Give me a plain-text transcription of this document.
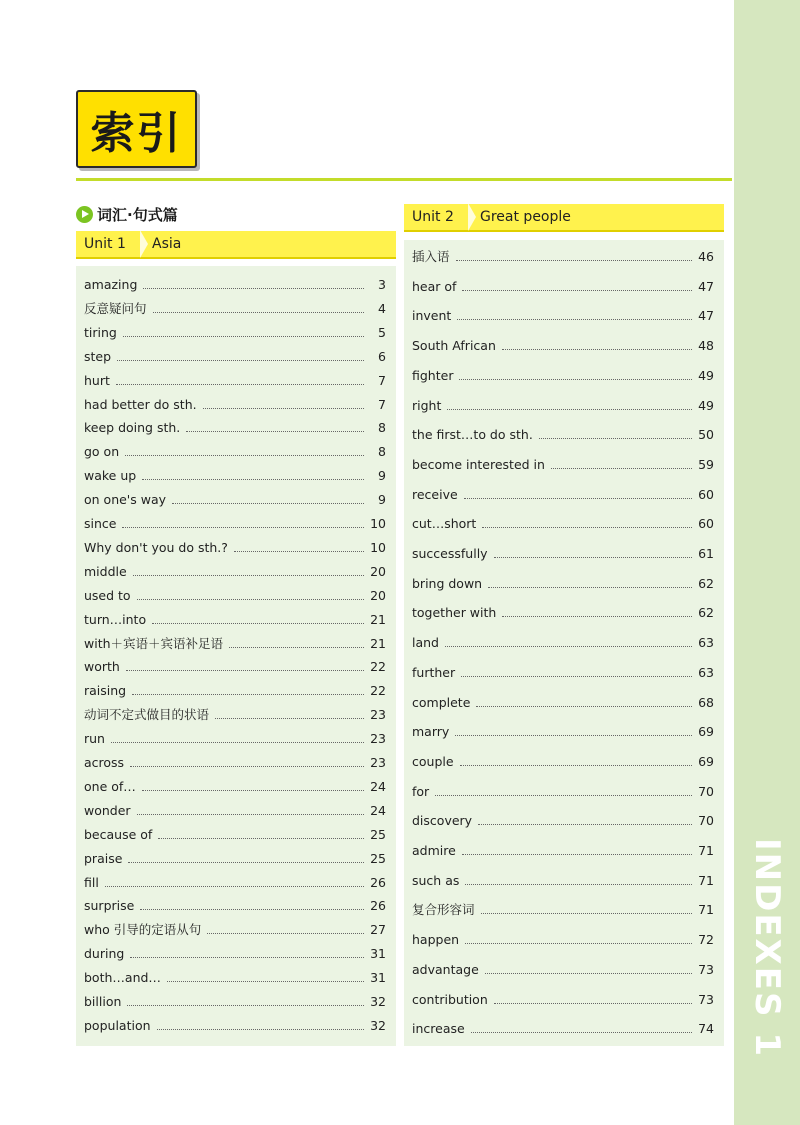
INDEXES 1
索引
词汇·句式篇
Unit 1	Asia
amazing	3
反意疑问句	4
tiring	5
step	6
hurt	7
had better do sth.	7
keep doing sth.	8
go on	8
wake up	9
on one's way	9
since	10
Why don't you do sth.?	10
middle	20
used to	20
turn…into	21
with＋宾语＋宾语补足语	21
worth	22
raising	22
动词不定式做目的状语	23
run	23
across	23
one of…	24
wonder	24
because of	25
praise	25
fill	26
surprise	26
who 引导的定语从句	27
during	31
both…and…	31
billion	32
population	32
Unit 2	Great people
插入语	46
hear of	47
invent	47
South African	48
fighter	49
right	49
the first…to do sth.	50
become interested in	59
receive	60
cut…short	60
successfully	61
bring down	62
together with	62
land	63
further	63
complete	68
marry	69
couple	69
for	70
discovery	70
admire	71
such as	71
复合形容词	71
happen	72
advantage	73
contribution	73
increase	74
